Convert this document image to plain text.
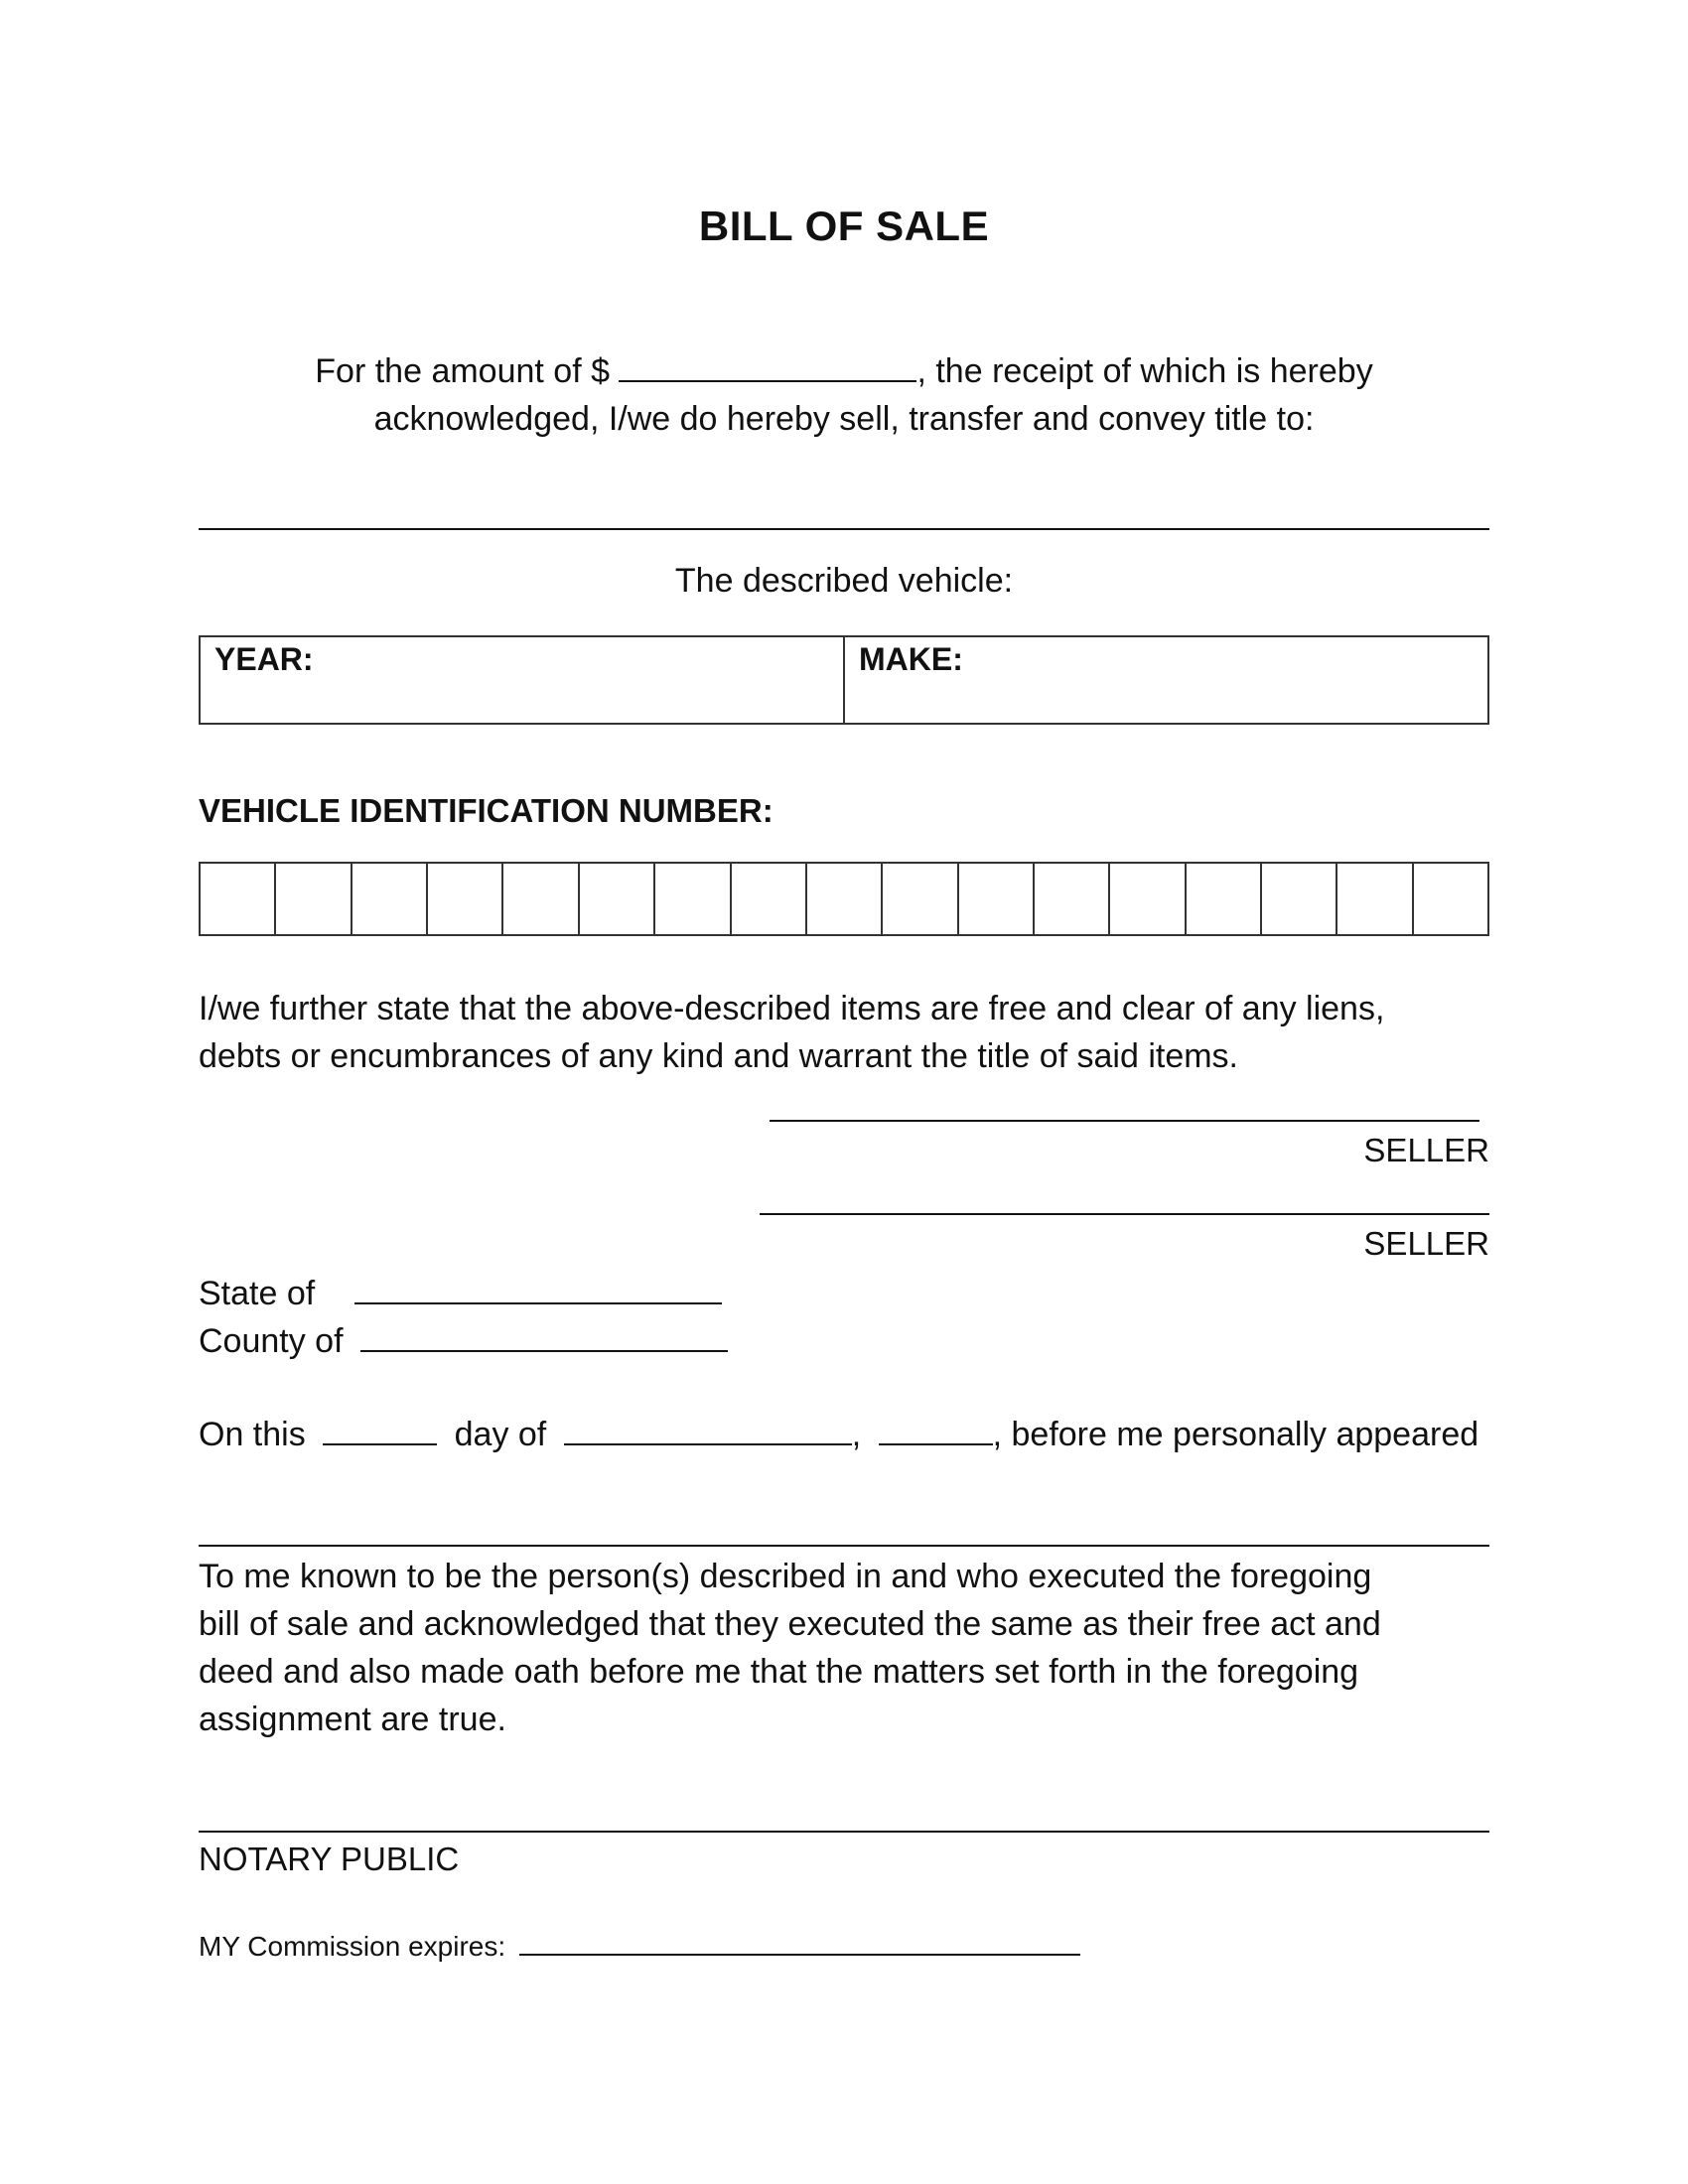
BILL OF SALE
For the amount of $	, the receipt of which is hereby
acknowledged, I/we do hereby sell, transfer and convey title to:
The described vehicle:
YEAR:	MAKE:
VEHICLE IDENTIFICATION NUMBER:
I/we further state that the above-described items are free and clear of any liens,
debts or encumbrances of any kind and warrant the title of said items.
SELLER
SELLER
State of
County of
On this	day of	,	, before me personally appeared
To me known to be the person(s) described in and who executed the foregoing
bill of sale and acknowledged that they executed the same as their free act and
deed and also made oath before me that the matters set forth in the foregoing
assignment are true.
NOTARY PUBLIC
MY Commission expires:
